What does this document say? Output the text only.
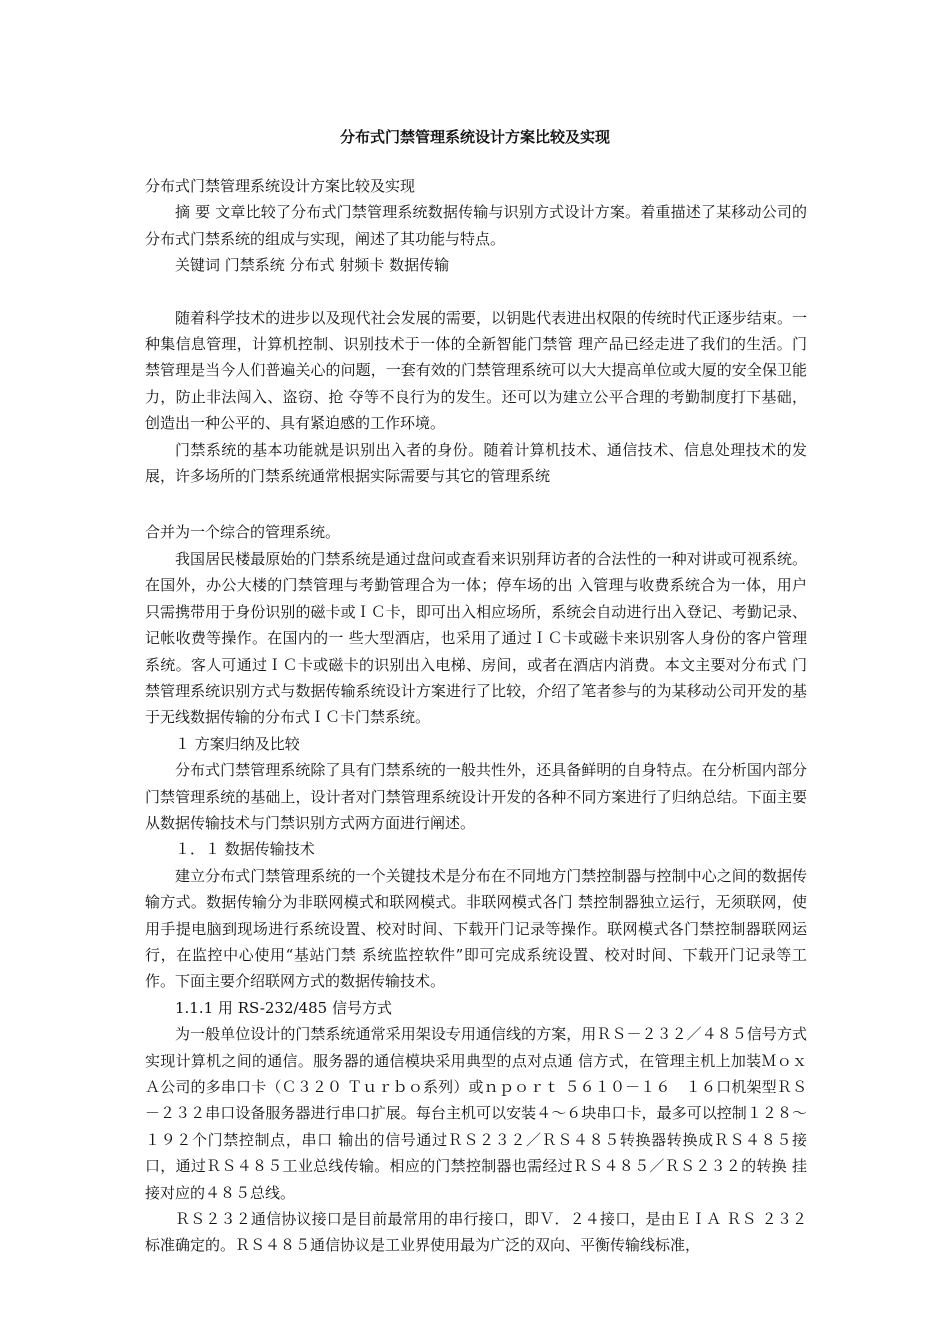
分布式门禁管理系统设计方案比较及实现

分布式门禁管理系统设计方案比较及实现

摘 要 文章比较了分布式门禁管理系统数据传输与识别方式设计方案。着重描述了某移动公司的分布式门禁系统的组成与实现，阐述了其功能与特点。

关键词 门禁系统 分布式 射频卡 数据传输

随着科学技术的进步以及现代社会发展的需要，以钥匙代表进出权限的传统时代正逐步结束。一种集信息管理，计算机控制、识别技术于一体的全新智能门禁管 理产品已经走进了我们的生活。门禁管理是当今人们普遍关心的问题，一套有效的门禁管理系统可以大大提高单位或大厦的安全保卫能力，防止非法闯入、盗窃、抢 夺等不良行为的发生。还可以为建立公平合理的考勤制度打下基础，创造出一种公平的、具有紧迫感的工作环境。

门禁系统的基本功能就是识别出入者的身份。随着计算机技术、通信技术、信息处理技术的发展，许多场所的门禁系统通常根据实际需要与其它的管理系统

合并为一个综合的管理系统。

我国居民楼最原始的门禁系统是通过盘问或查看来识别拜访者的合法性的一种对讲或可视系统。在国外，办公大楼的门禁管理与考勤管理合为一体；停车场的出 入管理与收费系统合为一体，用户只需携带用于身份识别的磁卡或ＩＣ卡，即可出入相应场所，系统会自动进行出入登记、考勤记录、记帐收费等操作。在国内的一 些大型酒店，也采用了通过ＩＣ卡或磁卡来识别客人身份的客户管理系统。客人可通过ＩＣ卡或磁卡的识别出入电梯、房间，或者在酒店内消费。本文主要对分布式 门禁管理系统识别方式与数据传输系统设计方案进行了比较，介绍了笔者参与的为某移动公司开发的基于无线数据传输的分布式ＩＣ卡门禁系统。

１ 方案归纳及比较

分布式门禁管理系统除了具有门禁系统的一般共性外，还具备鲜明的自身特点。在分析国内部分门禁管理系统的基础上，设计者对门禁管理系统设计开发的各种不同方案进行了归纳总结。下面主要从数据传输技术与门禁识别方式两方面进行阐述。

１．１ 数据传输技术

建立分布式门禁管理系统的一个关键技术是分布在不同地方门禁控制器与控制中心之间的数据传输方式。数据传输分为非联网模式和联网模式。非联网模式各门 禁控制器独立运行，无须联网，使用手提电脑到现场进行系统设置、校对时间、下载开门记录等操作。联网模式各门禁控制器联网运行，在监控中心使用“基站门禁 系统监控软件”即可完成系统设置、校对时间、下载开门记录等工作。下面主要介绍联网方式的数据传输技术。

1.1.1 用 RS-232/485 信号方式

为一般单位设计的门禁系统通常采用架设专用通信线的方案，用ＲＳ－２３２／４８５信号方式实现计算机之间的通信。服务器的通信模块采用典型的点对点通 信方式，在管理主机上加装ＭｏｘＡ公司的多串口卡（Ｃ３２０ Ｔｕｒｂｏ系列）或ｎｐｏｒｔ ５６１０－１６　１６口机架型ＲＳ－２３２串口设备服务器进行串口扩展。每台主机可以安装４～６块串口卡，最多可以控制１２８～１９２个门禁控制点，串口 输出的信号通过ＲＳ２３２／ＲＳ４８５转换器转换成ＲＳ４８５接口，通过ＲＳ４８５工业总线传输。相应的门禁控制器也需经过ＲＳ４８５／ＲＳ２３２的转换 挂接对应的４８５总线。

ＲＳ２３２通信协议接口是目前最常用的串行接口，即Ｖ．２４接口，是由ＥＩＡ ＲＳ ２３２标准确定的。ＲＳ４８５通信协议是工业界使用最为广泛的双向、平衡传输线标准，
